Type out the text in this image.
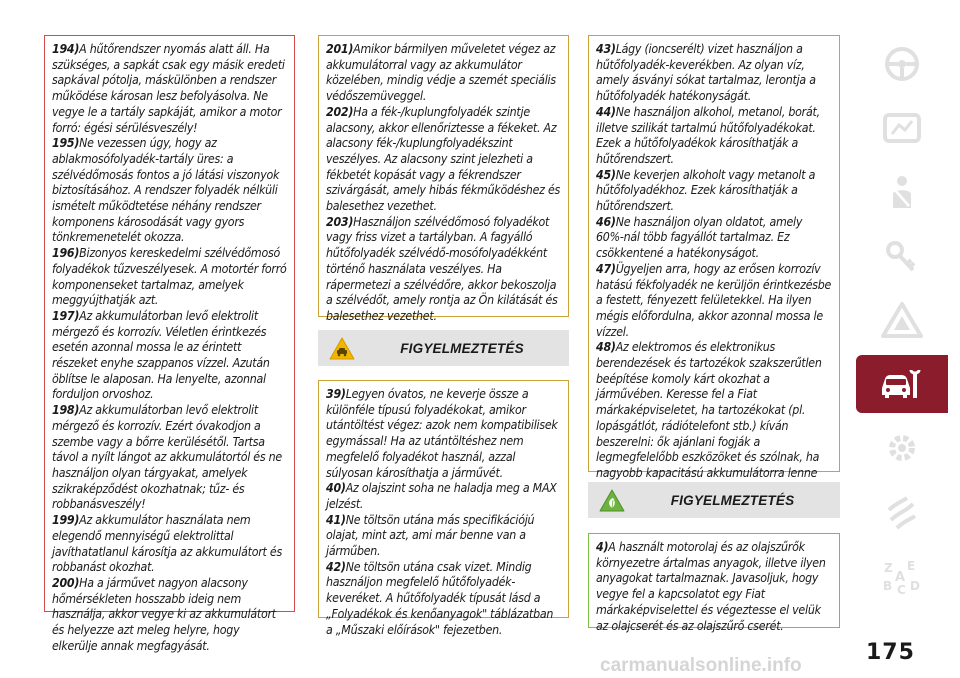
194)A hűtőrendszer nyomás alatt áll. Ha szükséges, a sapkát csak egy másik eredeti sapkával pótolja, máskülönben a rendszer működése károsan lesz befolyásolva. Ne vegye le a tartály sapkáját, amikor a motor forró: égési sérülésveszély!

195)Ne vezessen úgy, hogy az ablakmosófolyadék-tartály üres: a szélvédőmosás fontos a jó látási viszonyok biztosításához. A rendszer folyadék nélküli ismételt működtetése néhány rendszer komponens károsodását vagy gyors tönkremenetelét okozza.

196)Bizonyos kereskedelmi szélvédőmosó folyadékok tűzveszélyesek. A motortér forró komponenseket tartalmaz, amelyek meggyújthatják azt.

197)Az akkumulátorban levő elektrolit mérgező és korrozív. Véletlen érintkezés esetén azonnal mossa le az érintett részeket enyhe szappanos vízzel. Azután öblítse le alaposan. Ha lenyelte, azonnal forduljon orvoshoz.

198)Az akkumulátorban levő elektrolit mérgező és korrozív. Ezért óvakodjon a szembe vagy a bőrre kerülésétől. Tartsa távol a nyílt lángot az akkumulátortól és ne használjon olyan tárgyakat, amelyek szikraképződést okozhatnak; tűz- és robbanásveszély!

199)Az akkumulátor használata nem elegendő mennyiségű elektrolittal javíthatatlanul károsítja az akkumulátort és robbanást okozhat.

200)Ha a járművet nagyon alacsony hőmérsékleten hosszabb ideig nem használja, akkor vegye ki az akkumulátort és helyezze azt meleg helyre, hogy elkerülje annak megfagyását.

201)Amikor bármilyen műveletet végez az akkumulátorral vagy az akkumulátor közelében, mindig védje a szemét speciális védőszemüveggel.

202)Ha a fék-/kuplungfolyadék szintje alacsony, akkor ellenőriztesse a fékeket. Az alacsony fék-/kuplungfolyadékszint veszélyes. Az alacsony szint jelezheti a fékbetét kopását vagy a fékrendszer szivárgását, amely hibás fékműködéshez és balesethez vezethet.

203)Használjon szélvédőmosó folyadékot vagy friss vizet a tartályban. A fagyálló hűtőfolyadék szélvédő-mosófolyadékként történő használata veszélyes. Ha rápermetezi a szélvédőre, akkor bekoszolja a szélvédőt, amely rontja az Ön kilátását és balesethez vezethet.

FIGYELMEZTETÉS

39)Legyen óvatos, ne keverje össze a különféle típusú folyadékokat, amikor utántöltést végez: azok nem kompatibilisek egymással! Ha az utántöltéshez nem megfelelő folyadékot használ, azzal súlyosan károsíthatja a járművét.

40)Az olajszint soha ne haladja meg a MAX jelzést.

41)Ne töltsön utána más specifikációjú olajat, mint azt, ami már benne van a járműben.

42)Ne töltsön utána csak vizet. Mindig használjon megfelelő hűtőfolyadék-keveréket. A hűtőfolyadék típusát lásd a „Folyadékok és kenőanyagok" táblázatban a „Műszaki előírások" fejezetben.

43)Lágy (ioncserélt) vizet használjon a hűtőfolyadék-keverékben. Az olyan víz, amely ásványi sókat tartalmaz, lerontja a hűtőfolyadék hatékonyságát.

44)Ne használjon alkohol, metanol, borát, illetve szilikát tartalmú hűtőfolyadékokat. Ezek a hűtőfolyadékok károsíthatják a hűtőrendszert.

45)Ne keverjen alkoholt vagy metanolt a hűtőfolyadékhoz. Ezek károsíthatják a hűtőrendszert.

46)Ne használjon olyan oldatot, amely 60%-nál több fagyállót tartalmaz. Ez csökkentené a hatékonyságot.

47)Ügyeljen arra, hogy az erősen korrozív hatású fékfolyadék ne kerüljön érintkezésbe a festett, fényezett felületekkel. Ha ilyen mégis előfordulna, akkor azonnal mossa le vízzel.

48)Az elektromos és elektronikus berendezések és tartozékok szakszerűtlen beépítése komoly kárt okozhat a járművében. Keresse fel a Fiat márkaképviseletet, ha tartozékokat (pl. lopásgátlót, rádiótelefont stb.) kíván beszerelni: ők ajánlani fogják a legmegfelelőbb eszközöket és szólnak, ha nagyobb kapacitású akkumulátorra lenne

FIGYELMEZTETÉS

4)A használt motorolaj és az olajszűrők környezetre ártalmas anyagok, illetve ilyen anyagokat tartalmaznak. Javasoljuk, hogy vegye fel a kapcsolatot egy Fiat márkaképviselettel és végeztesse el velük az olajcserét és az olajszűrő cserét.

Z E
B C D
A
175
carmanualsonline.info
